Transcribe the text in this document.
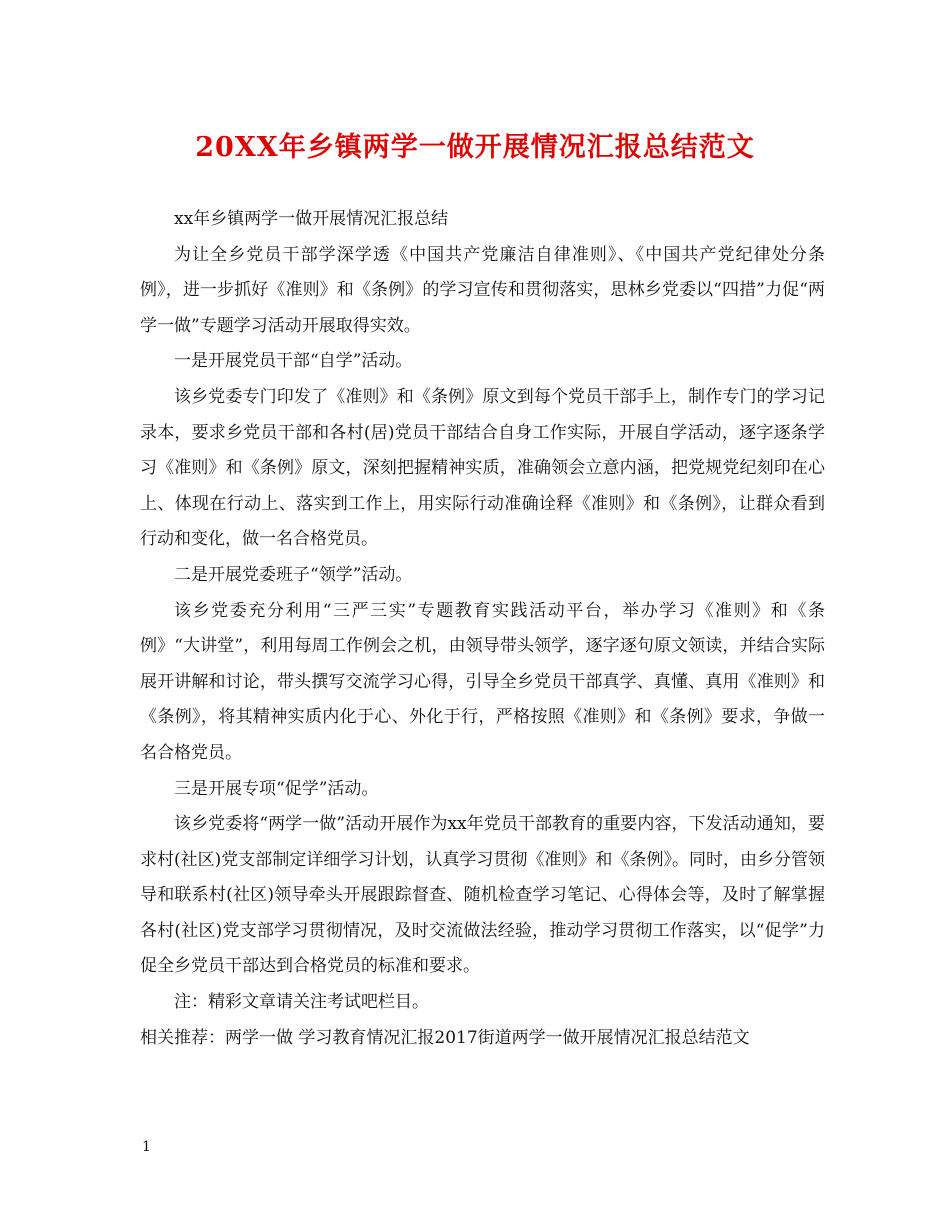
20XX年乡镇两学一做开展情况汇报总结范文

xx年乡镇两学一做开展情况汇报总结

为让全乡党员干部学深学透《中国共产党廉洁自律准则》、《中国共产党纪律处分条例》，进一步抓好《准则》和《条例》的学习宣传和贯彻落实，思林乡党委以“四措”力促“两学一做”专题学习活动开展取得实效。

一是开展党员干部“自学”活动。

该乡党委专门印发了《准则》和《条例》原文到每个党员干部手上，制作专门的学习记录本，要求乡党员干部和各村(居)党员干部结合自身工作实际，开展自学活动，逐字逐条学习《准则》和《条例》原文，深刻把握精神实质，准确领会立意内涵，把党规党纪刻印在心上、体现在行动上、落实到工作上，用实际行动准确诠释《准则》和《条例》，让群众看到行动和变化，做一名合格党员。

二是开展党委班子“领学”活动。

该乡党委充分利用“三严三实”专题教育实践活动平台，举办学习《准则》和《条例》“大讲堂”，利用每周工作例会之机，由领导带头领学，逐字逐句原文领读，并结合实际展开讲解和讨论，带头撰写交流学习心得，引导全乡党员干部真学、真懂、真用《准则》和《条例》，将其精神实质内化于心、外化于行，严格按照《准则》和《条例》要求，争做一名合格党员。

三是开展专项“促学”活动。

该乡党委将“两学一做”活动开展作为xx年党员干部教育的重要内容，下发活动通知，要求村(社区)党支部制定详细学习计划，认真学习贯彻《准则》和《条例》。同时，由乡分管领导和联系村(社区)领导牵头开展跟踪督查、随机检查学习笔记、心得体会等，及时了解掌握各村(社区)党支部学习贯彻情况，及时交流做法经验，推动学习贯彻工作落实，以“促学”力促全乡党员干部达到合格党员的标准和要求。

注：精彩文章请关注考试吧栏目。

相关推荐：两学一做 学习教育情况汇报2017街道两学一做开展情况汇报总结范文

1
